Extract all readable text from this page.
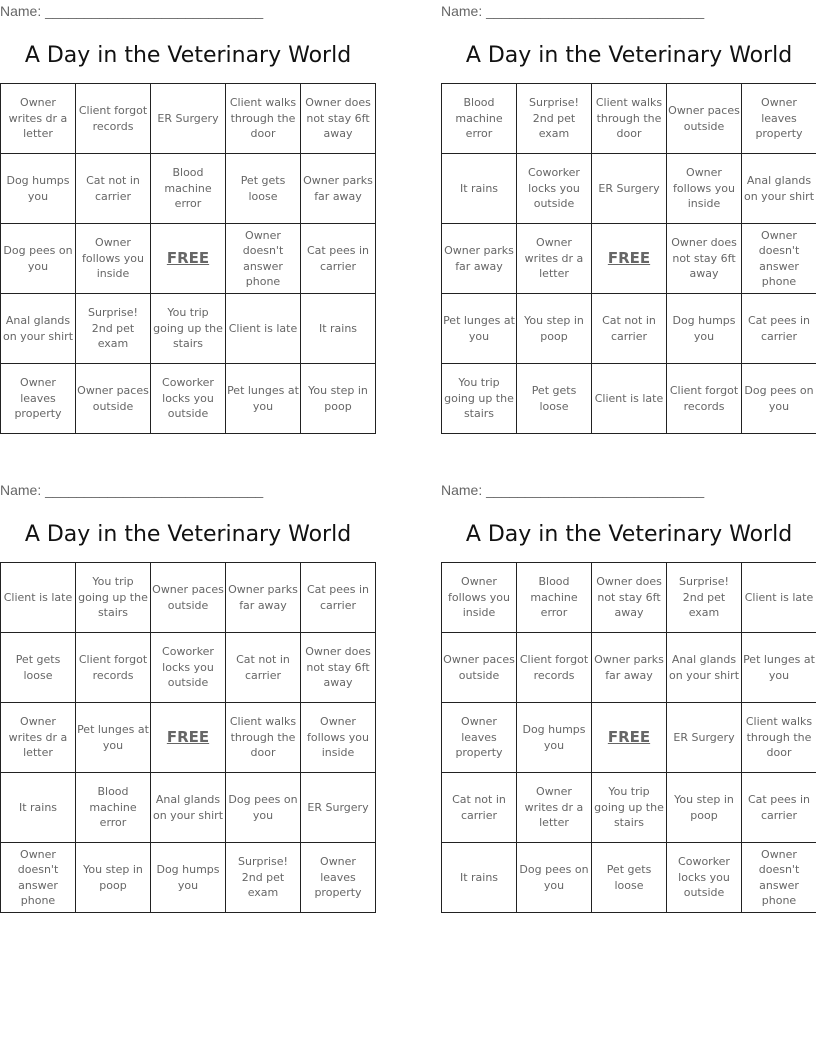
Name: ____________________________
A Day in the Veterinary World
Owner writes dr a letter	Client forgot records	ER Surgery	Client walks through the door	Owner does not stay 6ft away
Dog humps you	Cat not in carrier	Blood machine error	Pet gets loose	Owner parks far away
Dog pees on you	Owner follows you inside	FREE	Owner doesn't answer phone	Cat pees in carrier
Anal glands on your shirt	Surprise! 2nd pet exam	You trip going up the stairs	Client is late	It rains
Owner leaves property	Owner paces outside	Coworker locks you outside	Pet lunges at you	You step in poop
Name: ____________________________
A Day in the Veterinary World
Blood machine error	Surprise! 2nd pet exam	Client walks through the door	Owner paces outside	Owner leaves property
It rains	Coworker locks you outside	ER Surgery	Owner follows you inside	Anal glands on your shirt
Owner parks far away	Owner writes dr a letter	FREE	Owner does not stay 6ft away	Owner doesn't answer phone
Pet lunges at you	You step in poop	Cat not in carrier	Dog humps you	Cat pees in carrier
You trip going up the stairs	Pet gets loose	Client is late	Client forgot records	Dog pees on you
Name: ____________________________
A Day in the Veterinary World
Client is late	You trip going up the stairs	Owner paces outside	Owner parks far away	Cat pees in carrier
Pet gets loose	Client forgot records	Coworker locks you outside	Cat not in carrier	Owner does not stay 6ft away
Owner writes dr a letter	Pet lunges at you	FREE	Client walks through the door	Owner follows you inside
It rains	Blood machine error	Anal glands on your shirt	Dog pees on you	ER Surgery
Owner doesn't answer phone	You step in poop	Dog humps you	Surprise! 2nd pet exam	Owner leaves property
Name: ____________________________
A Day in the Veterinary World
Owner follows you inside	Blood machine error	Owner does not stay 6ft away	Surprise! 2nd pet exam	Client is late
Owner paces outside	Client forgot records	Owner parks far away	Anal glands on your shirt	Pet lunges at you
Owner leaves property	Dog humps you	FREE	ER Surgery	Client walks through the door
Cat not in carrier	Owner writes dr a letter	You trip going up the stairs	You step in poop	Cat pees in carrier
It rains	Dog pees on you	Pet gets loose	Coworker locks you outside	Owner doesn't answer phone
